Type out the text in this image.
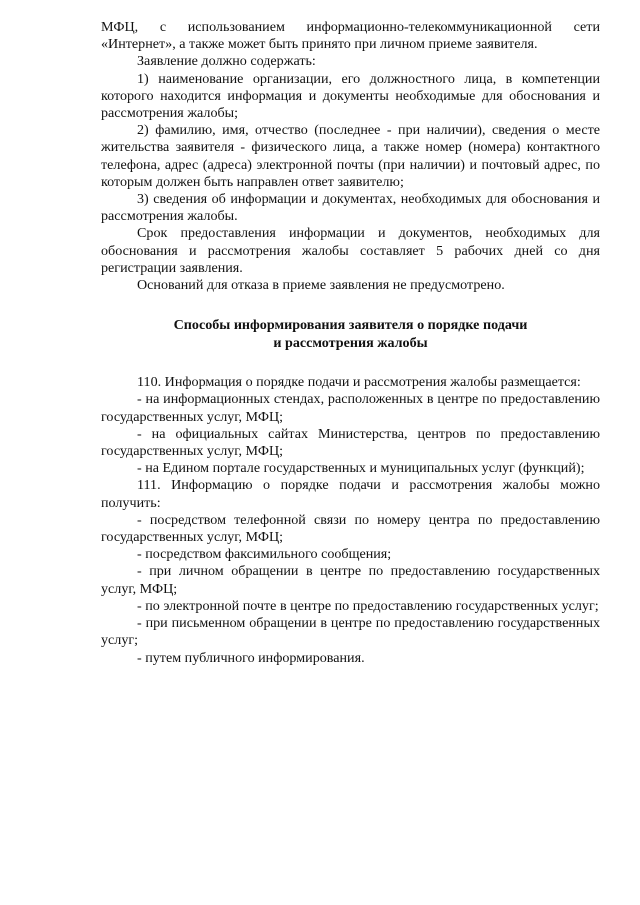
МФЦ, с использованием информационно-телекоммуникационной сети «Интернет», а также может быть принято при личном приеме заявителя.

Заявление должно содержать:

1) наименование организации, его должностного лица, в компетенции которого находится информация и документы необходимые для обоснования и рассмотрения жалобы;

2) фамилию, имя, отчество (последнее - при наличии), сведения о месте жительства заявителя - физического лица, а также номер (номера) контактного телефона, адрес (адреса) электронной почты (при наличии) и почтовый адрес, по которым должен быть направлен ответ заявителю;

3) сведения об информации и документах, необходимых для обоснования и рассмотрения жалобы.

Срок предоставления информации и документов, необходимых для обоснования и рассмотрения жалобы составляет 5 рабочих дней со дня регистрации заявления.

Оснований для отказа в приеме заявления не предусмотрено.

Способы информирования заявителя о порядке подачи
и рассмотрения жалобы

110. Информация о порядке подачи и рассмотрения жалобы размещается:

- на информационных стендах, расположенных в центре по предоставлению государственных услуг, МФЦ;

- на официальных сайтах Министерства, центров по предоставлению государственных услуг, МФЦ;

- на Едином портале государственных и муниципальных услуг (функций);

111. Информацию о порядке подачи и рассмотрения жалобы можно получить:

- посредством телефонной связи по номеру центра по предоставлению государственных услуг, МФЦ;

- посредством факсимильного сообщения;

- при личном обращении в центре по предоставлению государственных услуг, МФЦ;

- по электронной почте в центре по предоставлению государственных услуг;

- при письменном обращении в центре по предоставлению государственных услуг;

- путем публичного информирования.
